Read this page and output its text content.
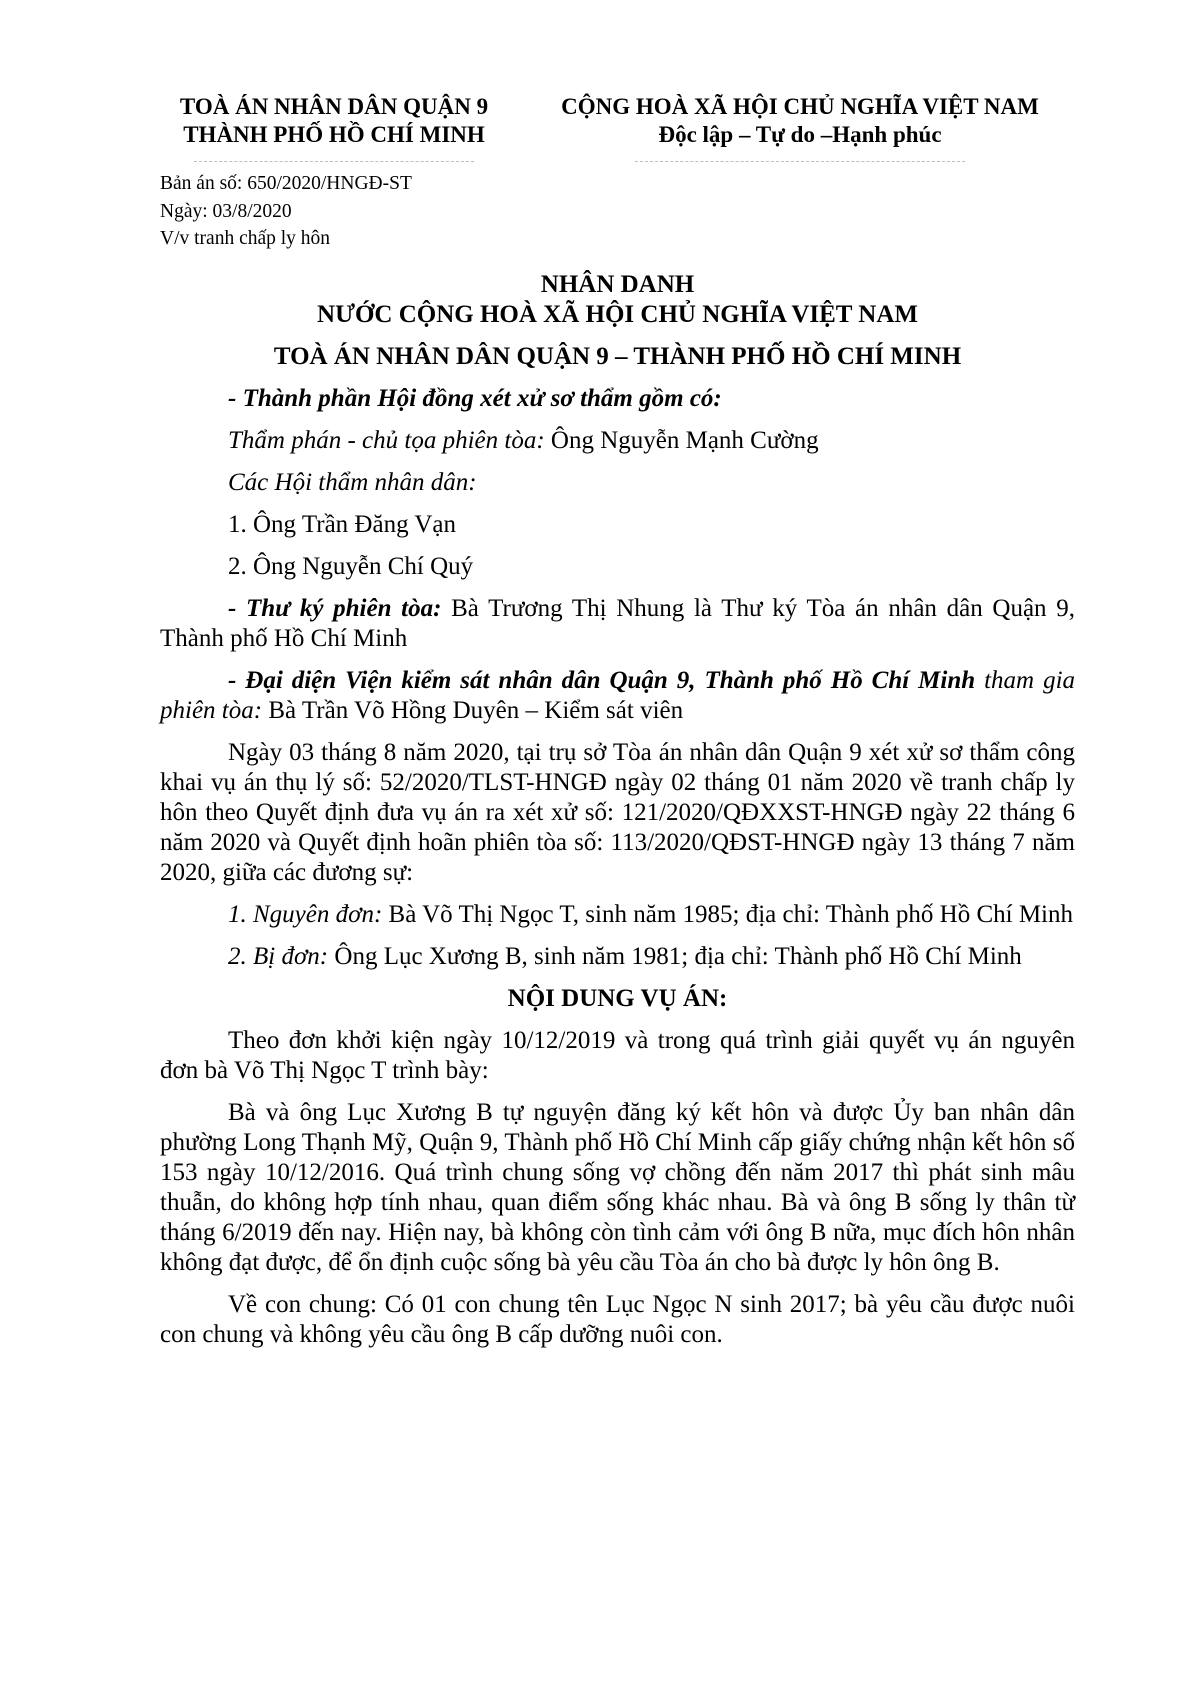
TOÀ ÁN NHÂN DÂN QUẬN 9
THÀNH PHỐ HỒ CHÍ MINH
CỘNG HOÀ XÃ HỘI CHỦ NGHĨA VIỆT NAM
Độc lập – Tự do –Hạnh phúc
Bản án số: 650/2020/HNGĐ-ST
Ngày: 03/8/2020
V/v tranh chấp ly hôn

NHÂN DANH

NƯỚC CỘNG HOÀ XÃ HỘI CHỦ NGHĨA VIỆT NAM

TOÀ ÁN NHÂN DÂN QUẬN 9 – THÀNH PHỐ HỒ CHÍ MINH

- Thành phần Hội đồng xét xử sơ thẩm gồm có:

Thẩm phán - chủ tọa phiên tòa: Ông Nguyễn Mạnh Cường

Các Hội thẩm nhân dân:

1. Ông Trần Đăng Vạn

2. Ông Nguyễn Chí Quý

- Thư ký phiên tòa: Bà Trương Thị Nhung là Thư ký Tòa án nhân dân Quận 9, Thành phố Hồ Chí Minh

- Đại diện Viện kiểm sát nhân dân Quận 9, Thành phố Hồ Chí Minh tham gia phiên tòa: Bà Trần Võ Hồng Duyên – Kiểm sát viên

Ngày 03 tháng 8 năm 2020, tại trụ sở Tòa án nhân dân Quận 9 xét xử sơ thẩm công khai vụ án thụ lý số: 52/2020/TLST-HNGĐ ngày 02 tháng 01 năm 2020 về tranh chấp ly hôn theo Quyết định đưa vụ án ra xét xử số: 121/2020/QĐXXST-HNGĐ ngày 22 tháng 6 năm 2020 và Quyết định hoãn phiên tòa số: 113/2020/QĐST-HNGĐ ngày 13 tháng 7 năm 2020, giữa các đương sự:

1. Nguyên đơn: Bà Võ Thị Ngọc T, sinh năm 1985; địa chỉ: Thành phố Hồ Chí Minh

2. Bị đơn: Ông Lục Xương B, sinh năm 1981; địa chỉ: Thành phố Hồ Chí Minh

NỘI DUNG VỤ ÁN:

Theo đơn khởi kiện ngày 10/12/2019 và trong quá trình giải quyết vụ án nguyên đơn bà Võ Thị Ngọc T trình bày:

Bà và ông Lục Xương B tự nguyện đăng ký kết hôn và được Ủy ban nhân dân phường Long Thạnh Mỹ, Quận 9, Thành phố Hồ Chí Minh cấp giấy chứng nhận kết hôn số 153 ngày 10/12/2016. Quá trình chung sống vợ chồng đến năm 2017 thì phát sinh mâu thuẫn, do không hợp tính nhau, quan điểm sống khác nhau. Bà và ông B sống ly thân từ tháng 6/2019 đến nay. Hiện nay, bà không còn tình cảm với ông B nữa, mục đích hôn nhân không đạt được, để ổn định cuộc sống bà yêu cầu Tòa án cho bà được ly hôn ông B.

Về con chung: Có 01 con chung tên Lục Ngọc N sinh 2017; bà yêu cầu được nuôi con chung và không yêu cầu ông B cấp dưỡng nuôi con.
